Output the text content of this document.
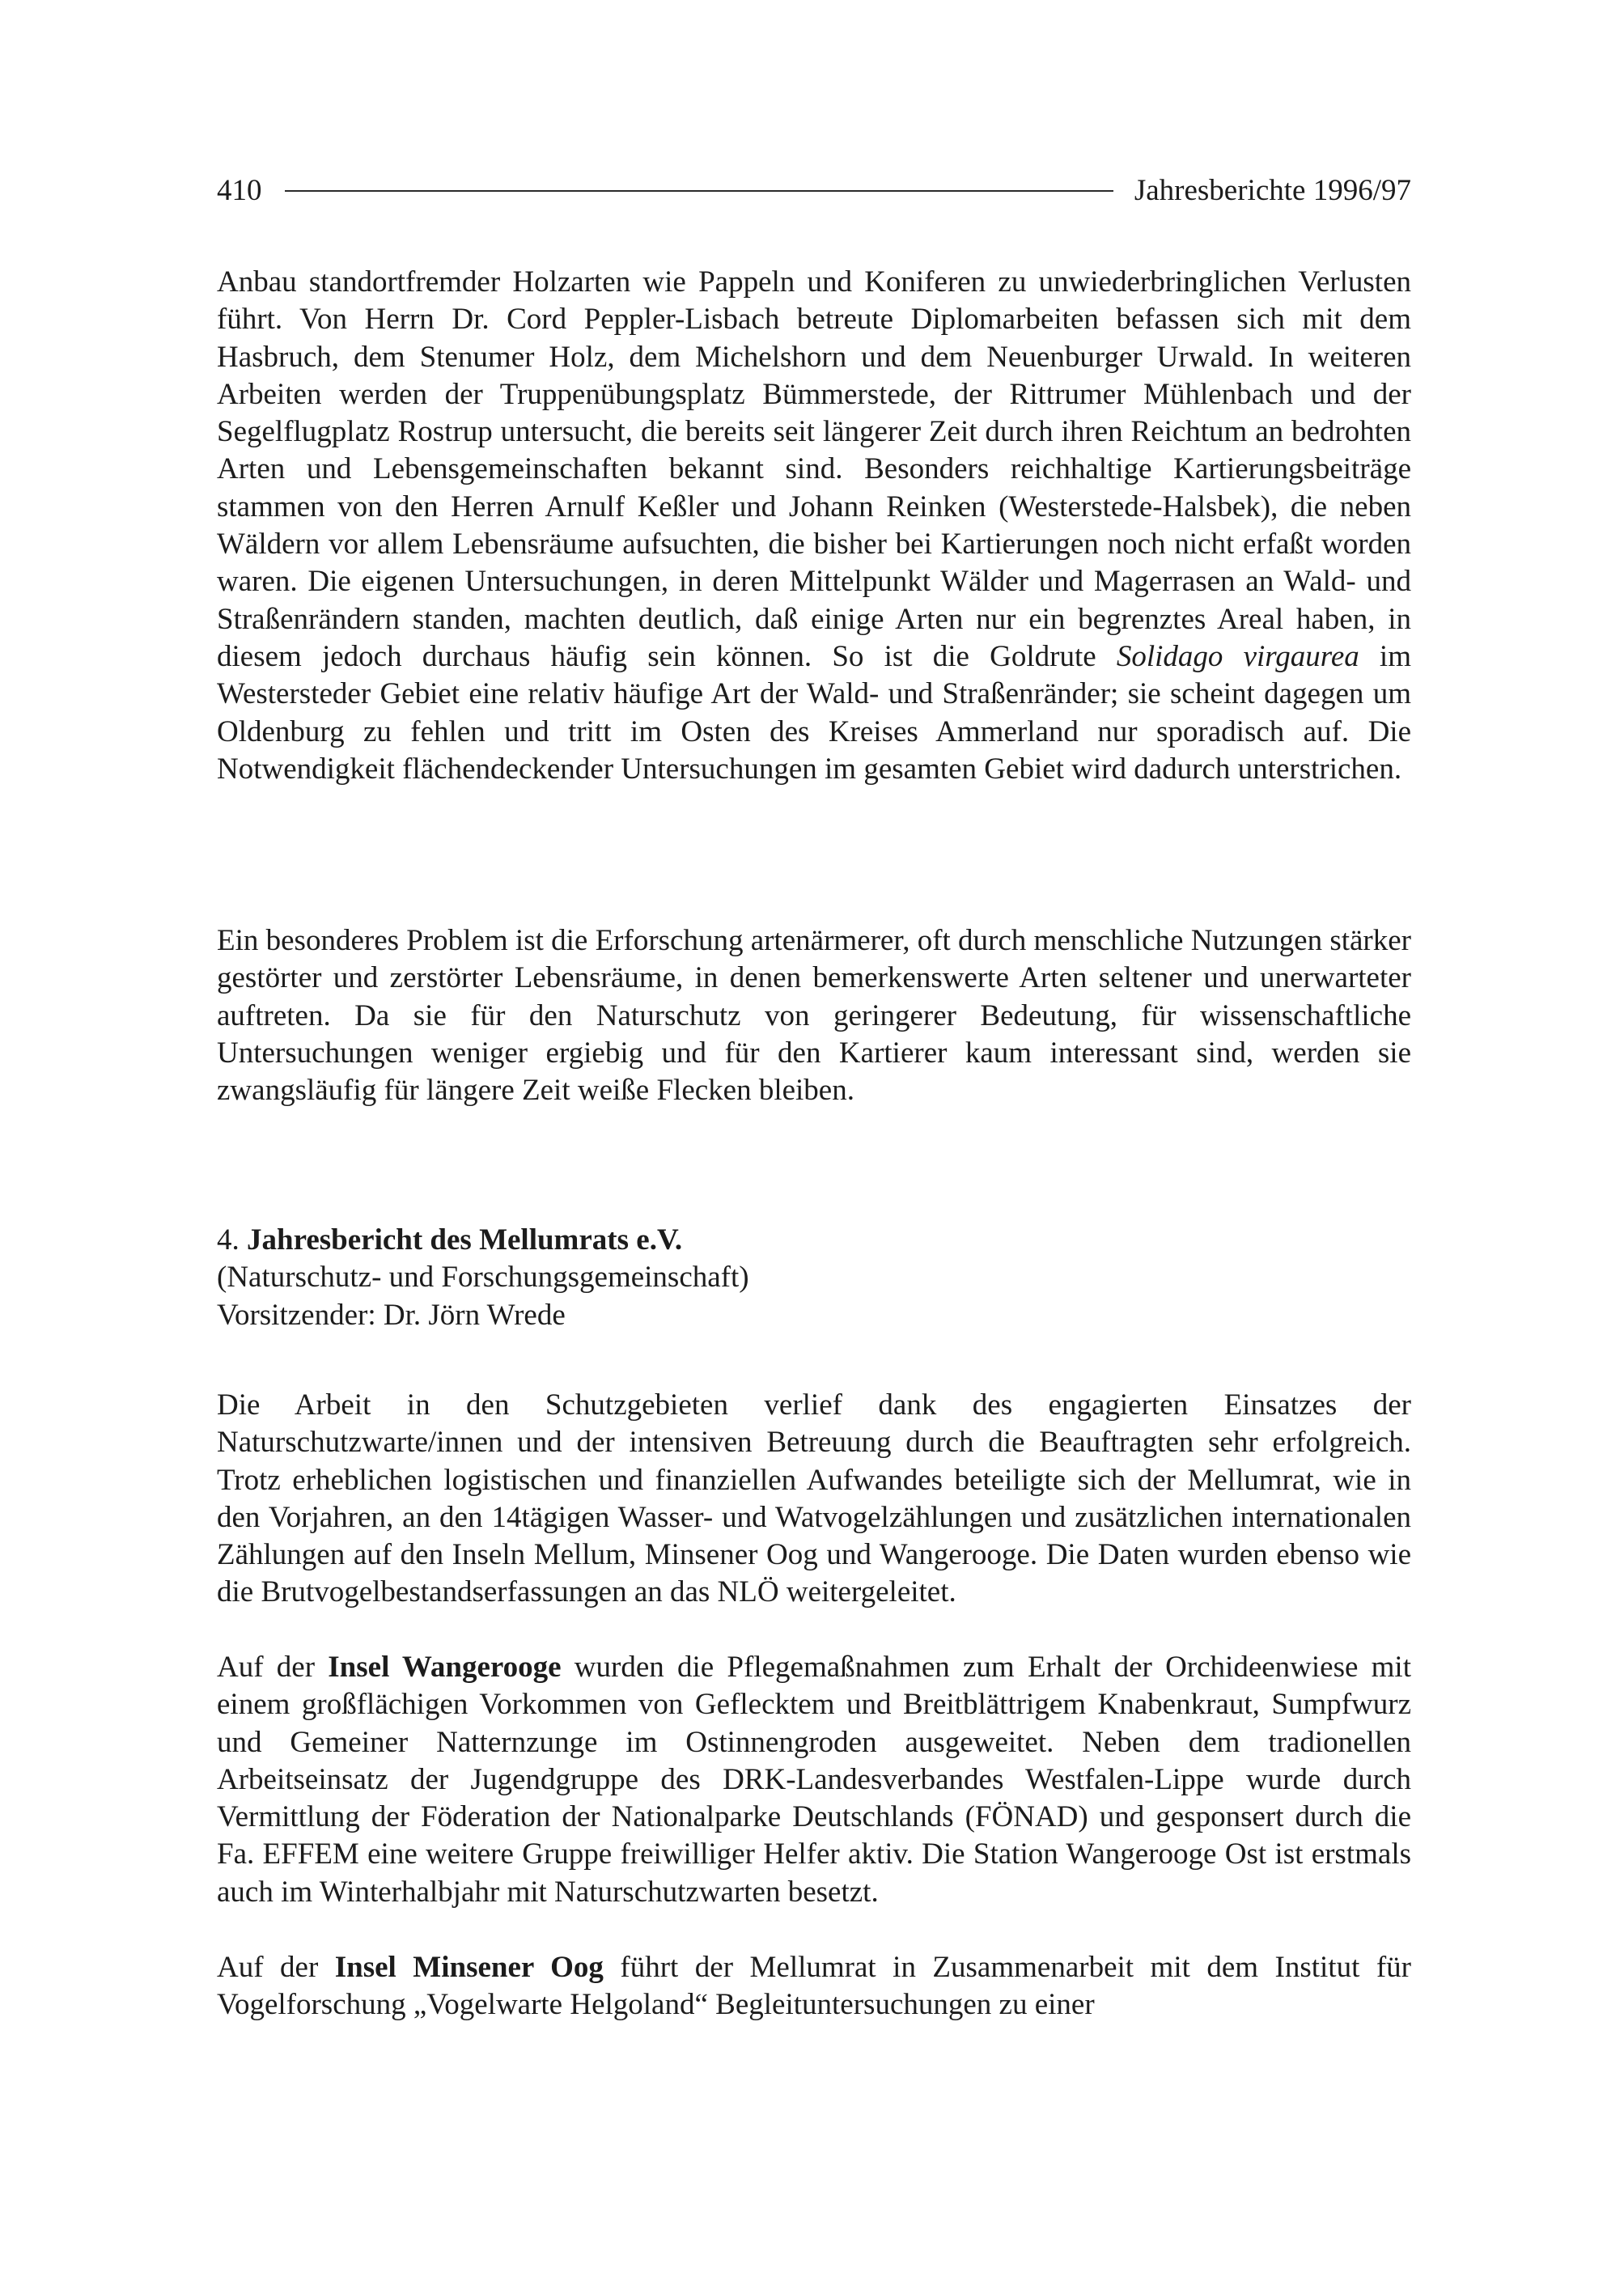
410	Jahresberichte 1996/97

Anbau standortfremder Holzarten wie Pappeln und Koniferen zu unwiederbringlichen Verlusten führt. Von Herrn Dr. Cord Peppler-Lisbach betreute Diplomarbeiten befassen sich mit dem Hasbruch, dem Stenumer Holz, dem Michelshorn und dem Neuenburger Urwald. In weiteren Arbeiten werden der Truppenübungsplatz Bümmerstede, der Rittrumer Mühlenbach und der Segelflugplatz Rostrup untersucht, die bereits seit längerer Zeit durch ihren Reichtum an bedrohten Arten und Lebensgemeinschaften bekannt sind. Besonders reichhaltige Kartierungsbeiträge stammen von den Herren Arnulf Keßler und Johann Reinken (Westerstede-Halsbek), die neben Wäldern vor allem Lebensräume aufsuchten, die bisher bei Kartierungen noch nicht erfaßt worden waren. Die eigenen Untersuchungen, in deren Mittelpunkt Wälder und Magerrasen an Wald- und Straßenrändern standen, machten deutlich, daß einige Arten nur ein begrenztes Areal haben, in diesem jedoch durchaus häufig sein können. So ist die Goldrute Solidago virgaurea im Westersteder Gebiet eine relativ häufige Art der Wald- und Straßenränder; sie scheint dagegen um Oldenburg zu fehlen und tritt im Osten des Kreises Ammerland nur sporadisch auf. Die Notwendigkeit flächendeckender Untersuchungen im gesamten Gebiet wird dadurch unterstrichen.

Ein besonderes Problem ist die Erforschung artenärmerer, oft durch menschliche Nutzungen stärker gestörter und zerstörter Lebensräume, in denen bemerkenswerte Arten seltener und unerwarteter auftreten. Da sie für den Naturschutz von geringerer Bedeutung, für wissenschaftliche Untersuchungen weniger ergiebig und für den Kartierer kaum interessant sind, werden sie zwangsläufig für längere Zeit weiße Flecken bleiben.

4. Jahresbericht des Mellumrats e.V.
(Naturschutz- und Forschungsgemeinschaft)
Vorsitzender: Dr. Jörn Wrede

Die Arbeit in den Schutzgebieten verlief dank des engagierten Einsatzes der Naturschutzwarte/innen und der intensiven Betreuung durch die Beauftragten sehr erfolgreich. Trotz erheblichen logistischen und finanziellen Aufwandes beteiligte sich der Mellumrat, wie in den Vorjahren, an den 14tägigen Wasser- und Watvogelzählungen und zusätzlichen internationalen Zählungen auf den Inseln Mellum, Minsener Oog und Wangerooge. Die Daten wurden ebenso wie die Brutvogelbestandserfassungen an das NLÖ weitergeleitet.

Auf der Insel Wangerooge wurden die Pflegemaßnahmen zum Erhalt der Orchideenwiese mit einem großflächigen Vorkommen von Geflecktem und Breitblättrigem Knabenkraut, Sumpfwurz und Gemeiner Natternzunge im Ostinnengroden ausgeweitet. Neben dem tradionellen Arbeitseinsatz der Jugendgruppe des DRK-Landesverbandes Westfalen-Lippe wurde durch Vermittlung der Föderation der Nationalparke Deutschlands (FÖNAD) und gesponsert durch die Fa. EFFEM eine weitere Gruppe freiwilliger Helfer aktiv. Die Station Wangerooge Ost ist erstmals auch im Winterhalbjahr mit Naturschutzwarten besetzt.

Auf der Insel Minsener Oog führt der Mellumrat in Zusammenarbeit mit dem Institut für Vogelforschung „Vogelwarte Helgoland“ Begleituntersuchungen zu einer
